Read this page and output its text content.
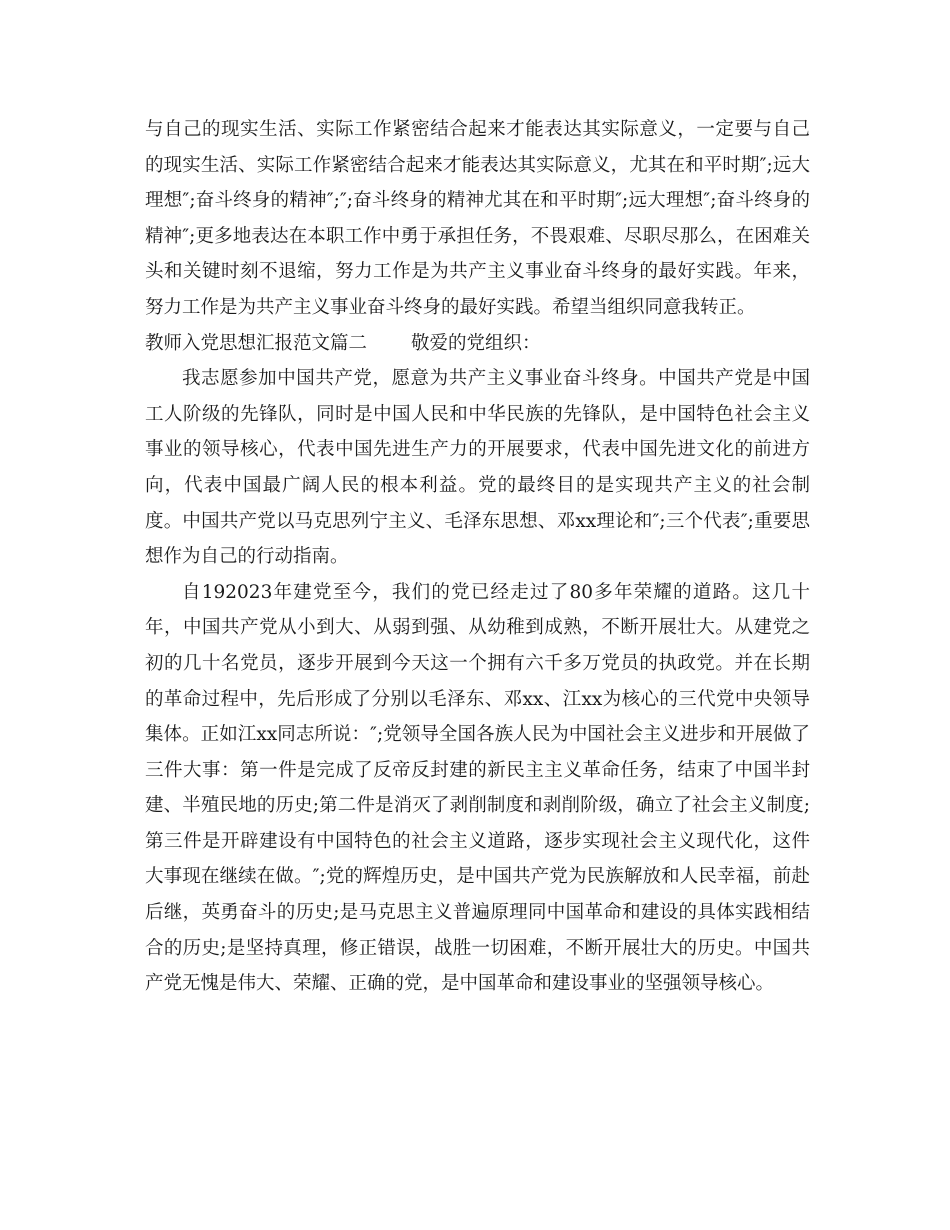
与自己的现实生活、实际工作紧密结合起来才能表达其实际意义，一定要与自己的现实生活、实际工作紧密结合起来才能表达其实际意义，尤其在和平时期″;远大理想″;奋斗终身的精神″;″;奋斗终身的精神尤其在和平时期″;远大理想″;奋斗终身的精神″;更多地表达在本职工作中勇于承担任务，不畏艰难、尽职尽那么，在困难关头和关键时刻不退缩，努力工作是为共产主义事业奋斗终身的最好实践。年来，努力工作是为共产主义事业奋斗终身的最好实践。希望当组织同意我转正。

教师入党思想汇报范文篇二 敬爱的党组织：

我志愿参加中国共产党，愿意为共产主义事业奋斗终身。中国共产党是中国工人阶级的先锋队，同时是中国人民和中华民族的先锋队，是中国特色社会主义事业的领导核心，代表中国先进生产力的开展要求，代表中国先进文化的前进方向，代表中国最广阔人民的根本利益。党的最终目的是实现共产主义的社会制度。中国共产党以马克思列宁主义、毛泽东思想、邓xx理论和″;三个代表″;重要思想作为自己的行动指南。

自192023年建党至今，我们的党已经走过了80多年荣耀的道路。这几十年，中国共产党从小到大、从弱到强、从幼稚到成熟，不断开展壮大。从建党之初的几十名党员，逐步开展到今天这一个拥有六千多万党员的执政党。并在长期的革命过程中，先后形成了分别以毛泽东、邓xx、江xx为核心的三代党中央领导集体。正如江xx同志所说：″;党领导全国各族人民为中国社会主义进步和开展做了三件大事：第一件是完成了反帝反封建的新民主主义革命任务，结束了中国半封建、半殖民地的历史;第二件是消灭了剥削制度和剥削阶级，确立了社会主义制度;第三件是开辟建设有中国特色的社会主义道路，逐步实现社会主义现代化，这件大事现在继续在做。″;党的辉煌历史，是中国共产党为民族解放和人民幸福，前赴后继，英勇奋斗的历史;是马克思主义普遍原理同中国革命和建设的具体实践相结合的历史;是坚持真理，修正错误，战胜一切困难，不断开展壮大的历史。中国共产党无愧是伟大、荣耀、正确的党，是中国革命和建设事业的坚强领导核心。
